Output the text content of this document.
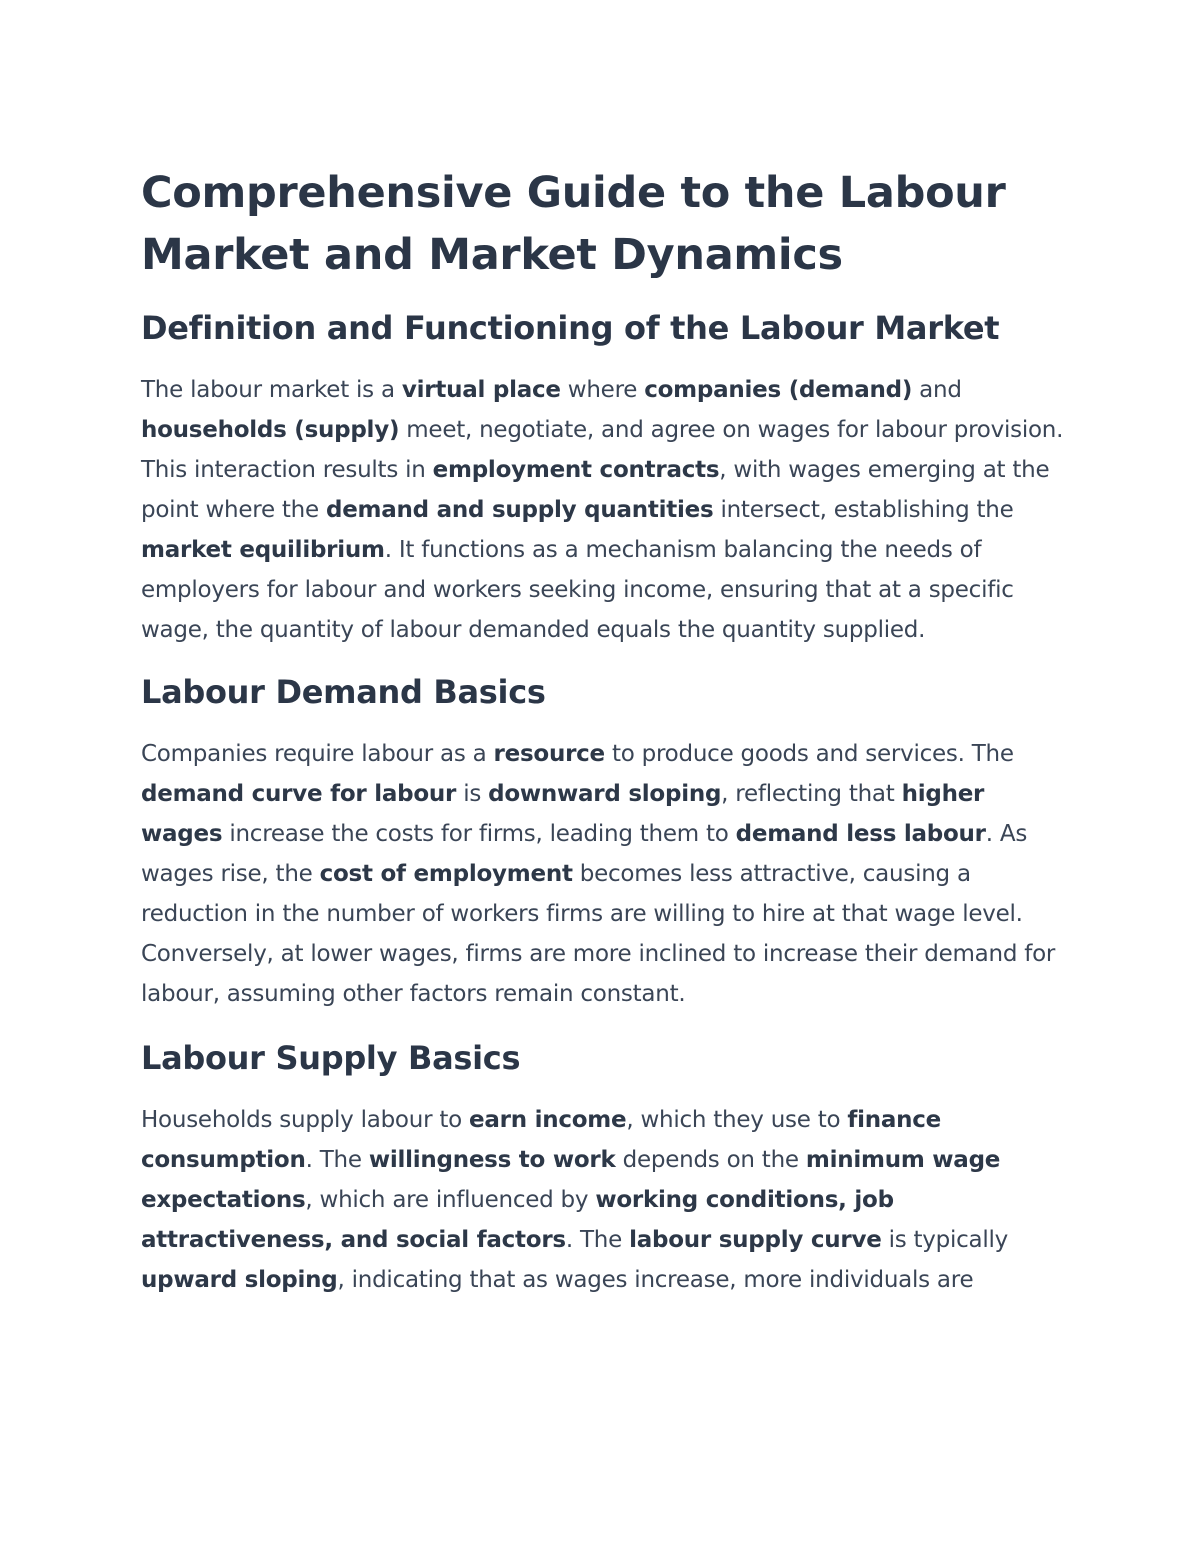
Comprehensive Guide to the Labour Market and Market Dynamics
Definition and Functioning of the Labour Market

The labour market is a virtual place where companies (demand) and households (supply) meet, negotiate, and agree on wages for labour provision. This interaction results in employment contracts, with wages emerging at the point where the demand and supply quantities intersect, establishing the market equilibrium. It functions as a mechanism balancing the needs of employers for labour and workers seeking income, ensuring that at a specific wage, the quantity of labour demanded equals the quantity supplied.

Labour Demand Basics

Companies require labour as a resource to produce goods and services. The demand curve for labour is downward sloping, reflecting that higher wages increase the costs for firms, leading them to demand less labour. As wages rise, the cost of employment becomes less attractive, causing a reduction in the number of workers firms are willing to hire at that wage level. Conversely, at lower wages, firms are more inclined to increase their demand for labour, assuming other factors remain constant.

Labour Supply Basics

Households supply labour to earn income, which they use to finance consumption. The willingness to work depends on the minimum wage expectations, which are influenced by working conditions, job attractiveness, and social factors. The labour supply curve is typically upward sloping, indicating that as wages increase, more individuals are
